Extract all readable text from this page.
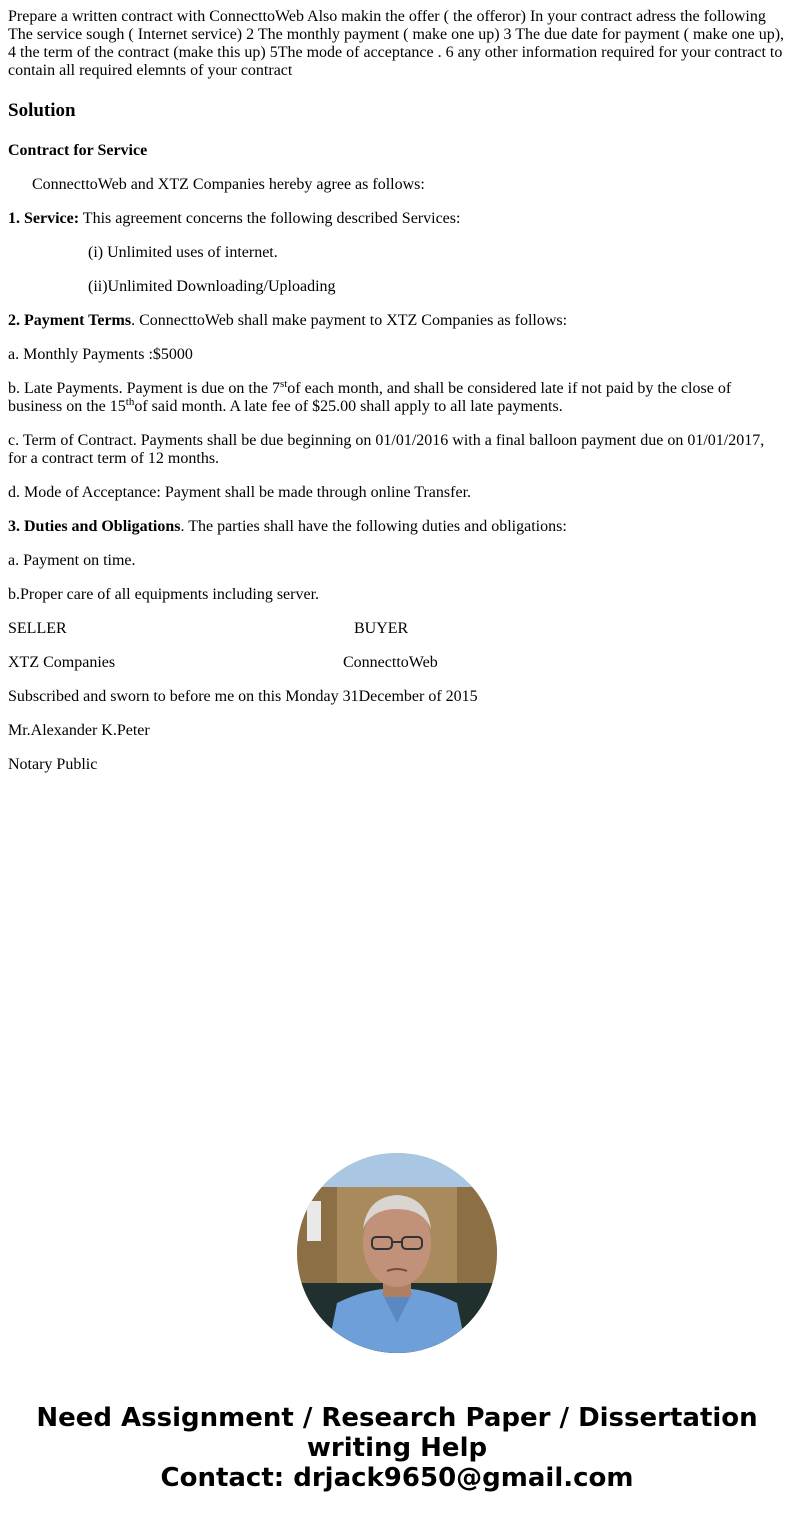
Prepare a written contract with ConnecttoWeb Also makin the offer ( the offeror) In your contract adress the following The service sough ( Internet service) 2 The monthly payment ( make one up) 3 The due date for payment ( make one up), 4 the term of the contract (make this up) 5The mode of acceptance . 6 any other information required for your contract to contain all required elemnts of your contract
Solution

Contract for Service

ConnecttoWeb and XTZ Companies hereby agree as follows:

1. Service: This agreement concerns the following described Services:

(i) Unlimited uses of internet.

(ii)Unlimited Downloading/Uploading

2. Payment Terms. ConnecttoWeb shall make payment to XTZ Companies as follows:

a. Monthly Payments :$5000

b. Late Payments. Payment is due on the 7stof each month, and shall be considered late if not paid by the close of business on the 15thof said month. A late fee of $25.00 shall apply to all late payments.

c. Term of Contract. Payments shall be due beginning on 01/01/2016 with a final balloon payment due on 01/01/2017, for a contract term of 12 months.

d. Mode of Acceptance: Payment shall be made through online Transfer.

3. Duties and Obligations. The parties shall have the following duties and obligations:

a. Payment on time.

b.Proper care of all equipments including server.

SELLER	BUYER
XTZ Companies	ConnecttoWeb

Subscribed and sworn to before me on this Monday 31December of 2015

Mr.Alexander K.Peter

Notary Public

Need Assignment / Research Paper / Dissertation
writing Help
Contact: drjack9650@gmail.com
